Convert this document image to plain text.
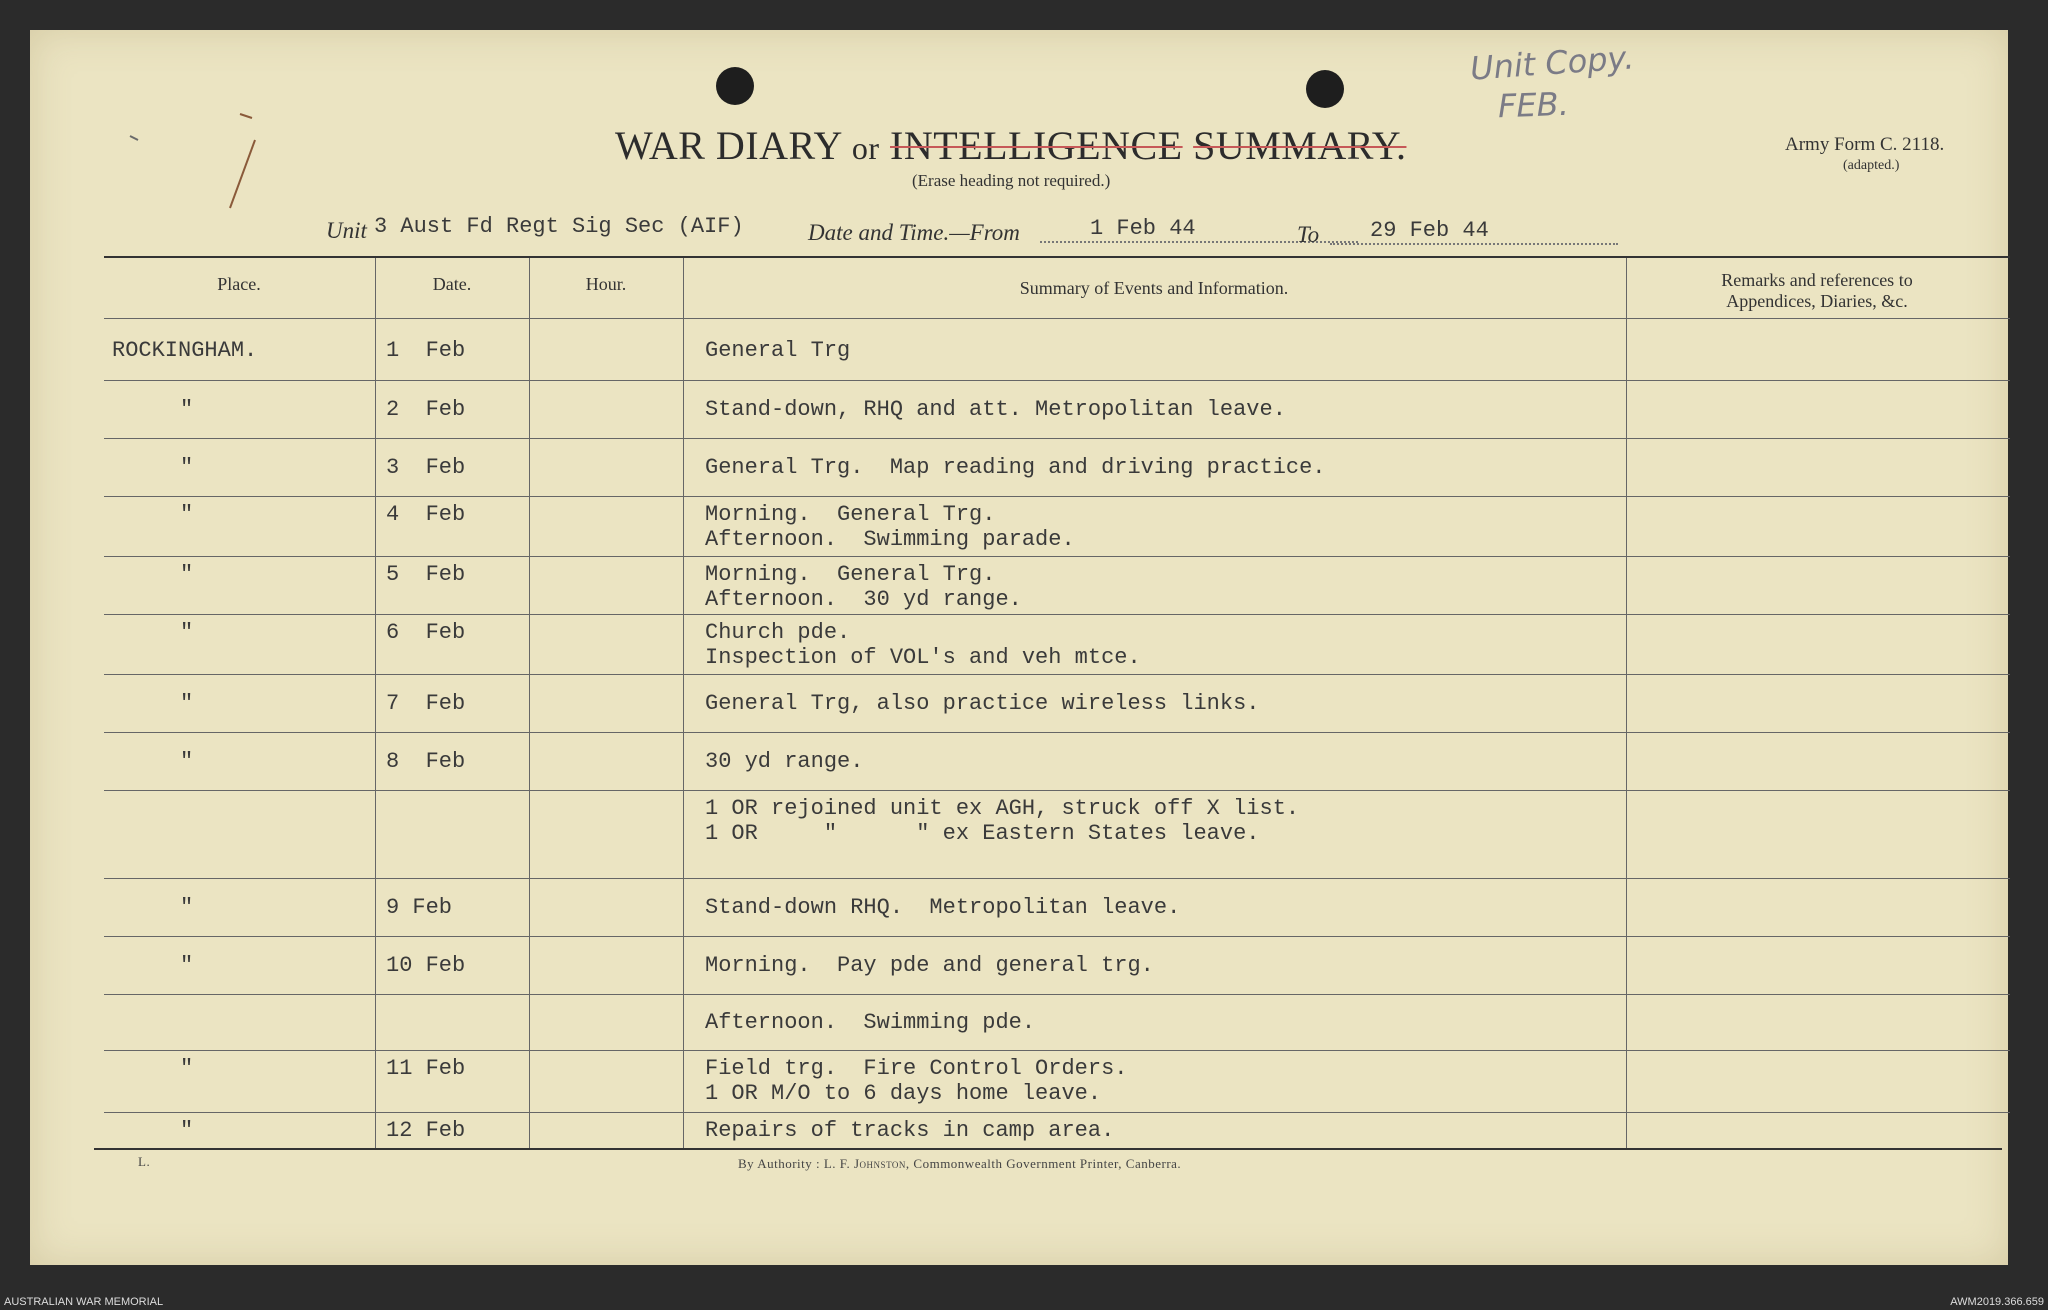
WAR DIARY or INTELLIGENCE SUMMARY.
(Erase heading not required.)
Army Form C. 2118.
(adapted.)
Unit Copy.
FEB.
Unit 3 Aust Fd Regt Sig Sec (AIF)	Date and Time.—From	1 Feb 44	To	29 Feb 44
Place.	Date.	Hour.	Summary of Events and Information.	Remarks and references to
Appendices, Diaries, &c.
ROCKINGHAM.	1  Feb	General Trg
"	2  Feb	Stand-down, RHQ and att. Metropolitan leave.
"	3  Feb	General Trg.  Map reading and driving practice.
"	4  Feb	Morning.  General Trg.
Afternoon.  Swimming parade.
"	5  Feb	Morning.  General Trg.
Afternoon.  30 yd range.
"	6  Feb	Church pde.
Inspection of VOL's and veh mtce.
"	7  Feb	General Trg, also practice wireless links.
"	8  Feb	30 yd range.
1 OR rejoined unit ex AGH, struck off X list.
1 OR     "      " ex Eastern States leave.
"	9 Feb	Stand-down RHQ.  Metropolitan leave.
"	10 Feb	Morning.  Pay pde and general trg.
Afternoon.  Swimming pde.
"	11 Feb	Field trg.  Fire Control Orders.
1 OR M/O to 6 days home leave.
"	12 Feb	Repairs of tracks in camp area.
L.	By Authority : L. F. Johnston, Commonwealth Government Printer, Canberra.
AUSTRALIAN WAR MEMORIAL	AWM2019.366.659
